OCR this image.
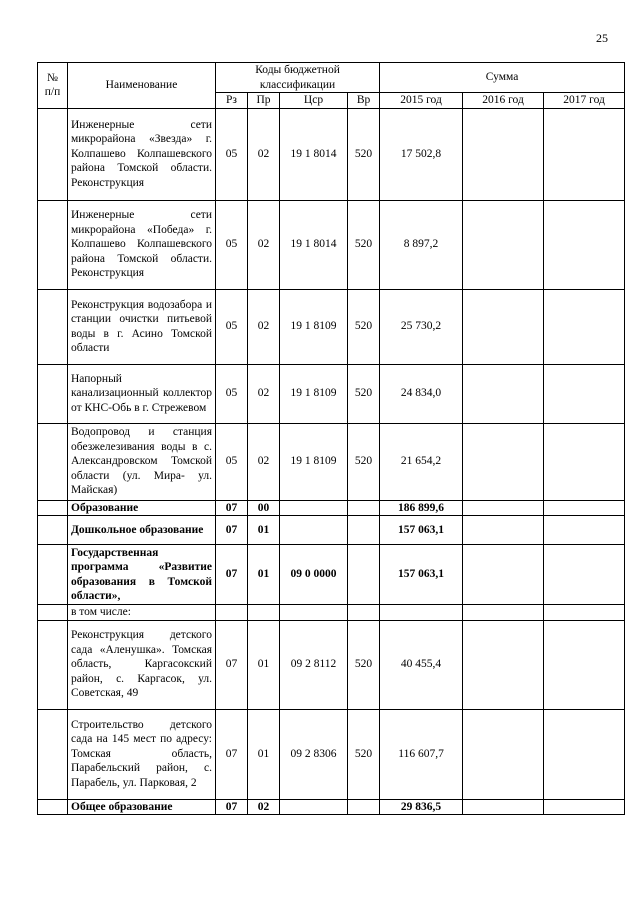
25
№ п/п	Наименование	Коды бюджетной классификации				Сумма		
		Рз	Пр	Цср	Вр	2015 год	2016 год	2017 год
	Инженерные сети микрорайона «Звезда» г. Колпашево Колпашевского района Томской области. Реконструкция	05	02	19 1 8014	520	17 502,8		
	Инженерные сети микрорайона «Победа» г. Колпашево Колпашевского района Томской области. Реконструкция	05	02	19 1 8014	520	8 897,2		
	Реконструкция водозабора и станции очистки питьевой воды в г. Асино Томской области	05	02	19 1 8109	520	25 730,2		
	Напорный канализационный коллектор от КНС-Обь в г. Стрежевом	05	02	19 1 8109	520	24 834,0		
	Водопровод и станция обезжелезивания воды в с. Александровском Томской области (ул. Мира- ул. Майская)	05	02	19 1 8109	520	21 654,2		
	Образование	07	00			186 899,6		
	Дошкольное образование	07	01			157 063,1		
	Государственная программа «Развитие образования в Томской области»,	07	01	09 0 0000		157 063,1		
	в том числе:							
	Реконструкция детского сада «Аленушка». Томская область, Каргасокский район, с. Каргасок, ул. Советская, 49	07	01	09 2 8112	520	40 455,4		
	Строительство детского сада на 145 мест по адресу: Томская область, Парабельский район, с. Парабель, ул. Парковая, 2	07	01	09 2 8306	520	116 607,7		
	Общее образование	07	02			29 836,5		
